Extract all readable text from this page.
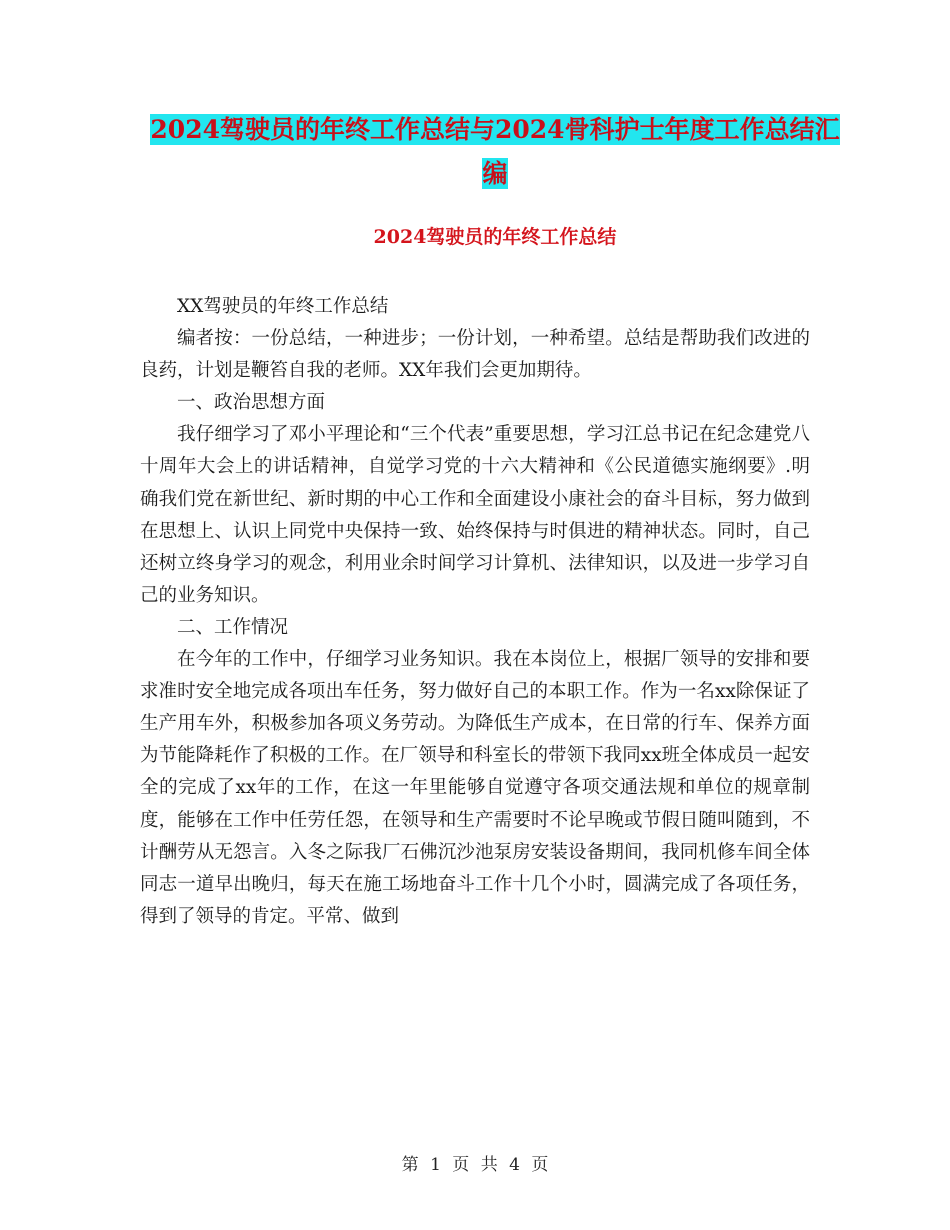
2024驾驶员的年终工作总结与2024骨科护士年度工作总结汇编
2024驾驶员的年终工作总结

XX驾驶员的年终工作总结

编者按：一份总结，一种进步；一份计划，一种希望。总结是帮助我们改进的良药，计划是鞭笞自我的老师。XX年我们会更加期待。

一、政治思想方面

我仔细学习了邓小平理论和“三个代表”重要思想，学习江总书记在纪念建党八十周年大会上的讲话精神，自觉学习党的十六大精神和《公民道德实施纲要》.明确我们党在新世纪、新时期的中心工作和全面建设小康社会的奋斗目标，努力做到在思想上、认识上同党中央保持一致、始终保持与时俱进的精神状态。同时，自己还树立终身学习的观念，利用业余时间学习计算机、法律知识，以及进一步学习自己的业务知识。

二、工作情况

在今年的工作中，仔细学习业务知识。我在本岗位上，根据厂领导的安排和要求准时安全地完成各项出车任务，努力做好自己的本职工作。作为一名xx除保证了生产用车外，积极参加各项义务劳动。为降低生产成本，在日常的行车、保养方面为节能降耗作了积极的工作。在厂领导和科室长的带领下我同xx班全体成员一起安全的完成了xx年的工作，在这一年里能够自觉遵守各项交通法规和单位的规章制度，能够在工作中任劳任怨，在领导和生产需要时不论早晚或节假日随叫随到，不计酬劳从无怨言。入冬之际我厂石佛沉沙池泵房安装设备期间，我同机修车间全体同志一道早出晚归，每天在施工场地奋斗工作十几个小时，圆满完成了各项任务，得到了领导的肯定。平常、做到

第 1 页 共 4 页
